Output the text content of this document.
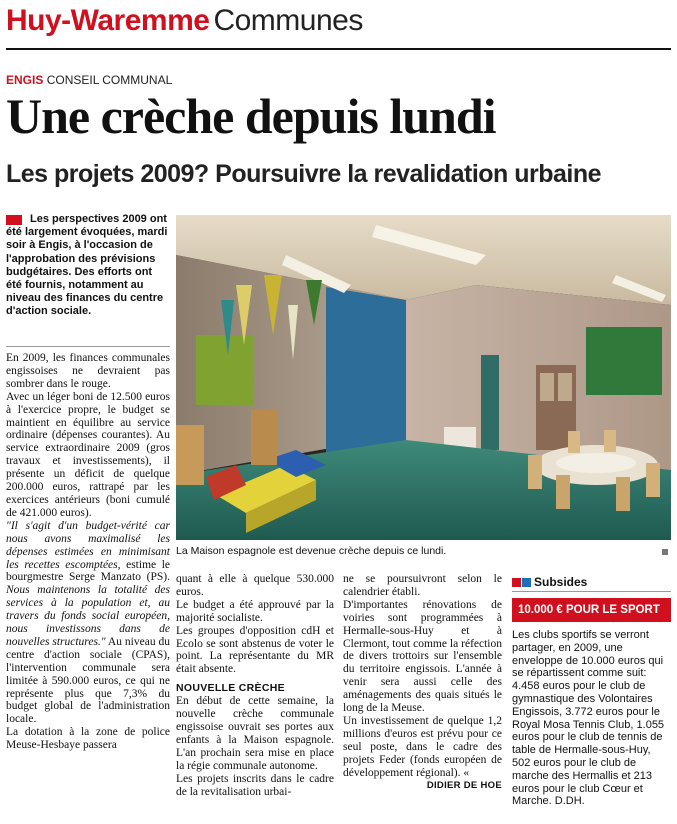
Huy-Waremme Communes
ENGIS CONSEIL COMMUNAL
Une crèche depuis lundi
Les projets 2009? Poursuivre la revalidation urbaine

Les perspectives 2009 ont été largement évoquées, mardi soir à Engis, à l'occasion de l'approbation des prévisions budgétaires. Des efforts ont été fournis, notamment au niveau des finances du centre d'action sociale.

En 2009, les finances communales engissoises ne devraient pas sombrer dans le rouge.

Avec un léger boni de 12.500 euros à l'exercice propre, le budget se maintient en équilibre au service ordinaire (dépenses courantes). Au service extraordinaire 2009 (gros travaux et investissements), il présente un déficit de quelque 200.000 euros, rattrapé par les exercices antérieurs (boni cumulé de 421.000 euros).

"Il s'agit d'un budget-vérité car nous avons maximalisé les dépenses estimées en minimisant les recettes escomptées, estime le bourgmestre Serge Manzato (PS). Nous maintenons la totalité des services à la population et, au travers du fonds social européen, nous investissons dans de nouvelles structures." Au niveau du centre d'action sociale (CPAS), l'intervention communale sera limitée à 590.000 euros, ce qui ne représente plus que 7,3% du budget global de l'administration locale.

La dotation à la zone de police Meuse-Hesbaye passera

La Maison espagnole est devenue crèche depuis ce lundi.

quant à elle à quelque 530.000 euros.

Le budget a été approuvé par la majorité socialiste.

Les groupes d'opposition cdH et Ecolo se sont abstenus de voter le point. La représentante du MR était absente.

NOUVELLE CRÈCHE

En début de cette semaine, la nouvelle crèche communale engissoise ouvrait ses portes aux enfants à la Maison espagnole. L'an prochain sera mise en place la régie communale autonome.

Les projets inscrits dans le cadre de la revitalisation urbai-

ne se poursuivront selon le calendrier établi.

D'importantes rénovations de voiries sont programmées à Hermalle-sous-Huy et à Clermont, tout comme la réfection de divers trottoirs sur l'ensemble du territoire engissois. L'année à venir sera aussi celle des aménagements des quais situés le long de la Meuse.

Un investissement de quelque 1,2 millions d'euros est prévu pour ce seul poste, dans le cadre des projets Feder (fonds européen de développement régional). «

DIDIER DE HOE

Subsides
10.000 € POUR LE SPORT

Les clubs sportifs se verront partager, en 2009, une enveloppe de 10.000 euros qui se répartissent comme suit: 4.458 euros pour le club de gymnastique des Volontaires Engissois, 3.772 euros pour le Royal Mosa Tennis Club, 1.055 euros pour le club de tennis de table de Hermalle-sous-Huy, 502 euros pour le club de marche des Hermallis et 213 euros pour le club Cœur et Marche. D.DH.
